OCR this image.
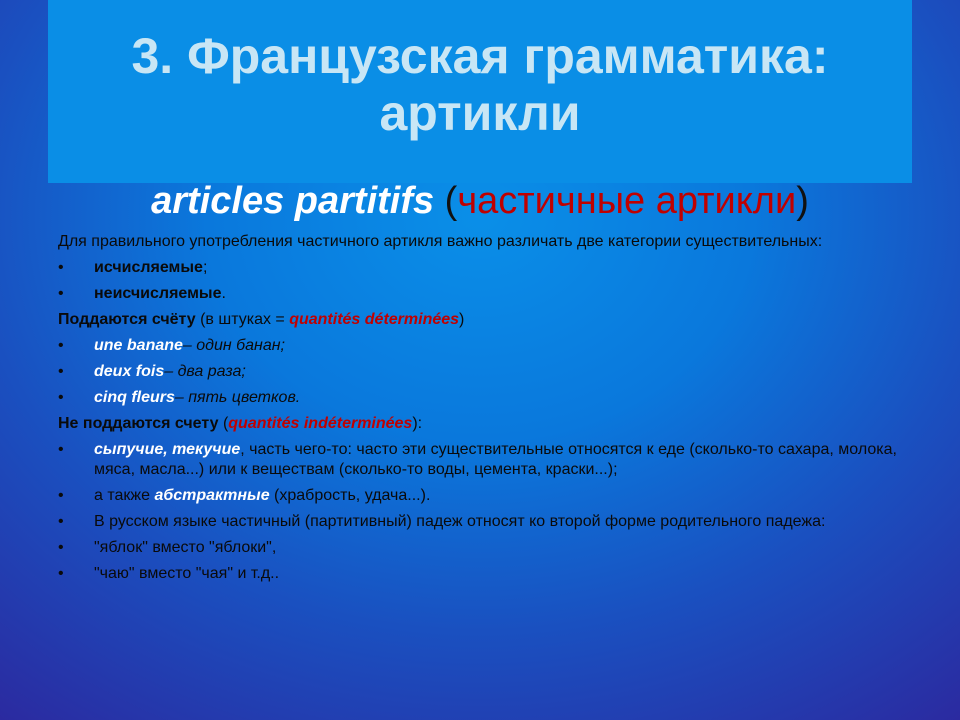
3. Французская грамматика: артикли

articles partitifs (частичные артикли)

Для правильного употребления частичного артикля важно различать две категории существительных:

• исчисляемые;

• неисчисляемые.

Поддаются счёту (в штуках = quantités déterminées)

• une banane– один банан;

• deux fois– два раза;

• cinq fleurs– пять цветков.

Не поддаются счету (quantités indéterminées):

• сыпучие, текучие, часть чего-то: часто эти существительные относятся к еде (сколько-то сахара, молока, мяса, масла...) или к веществам (сколько-то воды, цемента, краски...);

• а также абстрактные (храбрость, удача...).

• В русском языке частичный (партитивный) падеж относят ко второй форме родительного падежа:

• "яблок" вместо "яблоки",

• "чаю" вместо "чая" и т.д..
